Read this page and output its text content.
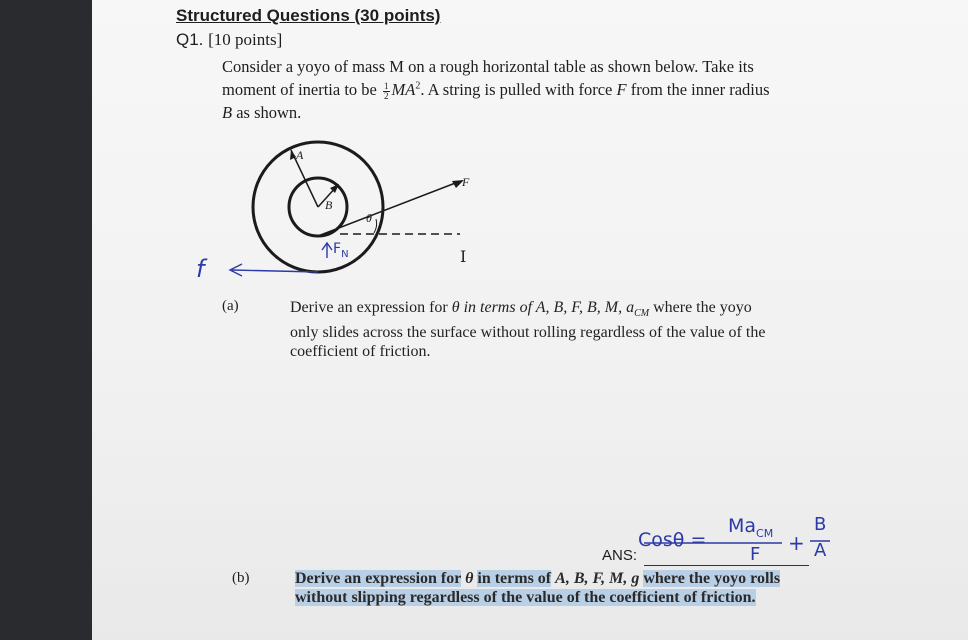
Structured Questions (30 points)
Q1. [10 points]
Consider a yoyo of mass M on a rough horizontal table as shown below. Take its
moment of inertia to be $\frac{1}{2} MA^2$. A string is pulled with force F from the inner radius
B as shown.
A
B
F
θ
$F_N$
f	I
(a)	Derive an expression for θ in terms of A, B, F, B, M, $a_{CM}$ where the yoyo
only slides across the surface without rolling regardless of the value of the
coefficient of friction.
ANS:
Cosθ =
$Ma_{CM}$
F +
B
A
(b)	Derive an expression for θ in terms of A, B, F, M, g where the yoyo rolls
without slipping regardless of the value of the coefficient of friction.
